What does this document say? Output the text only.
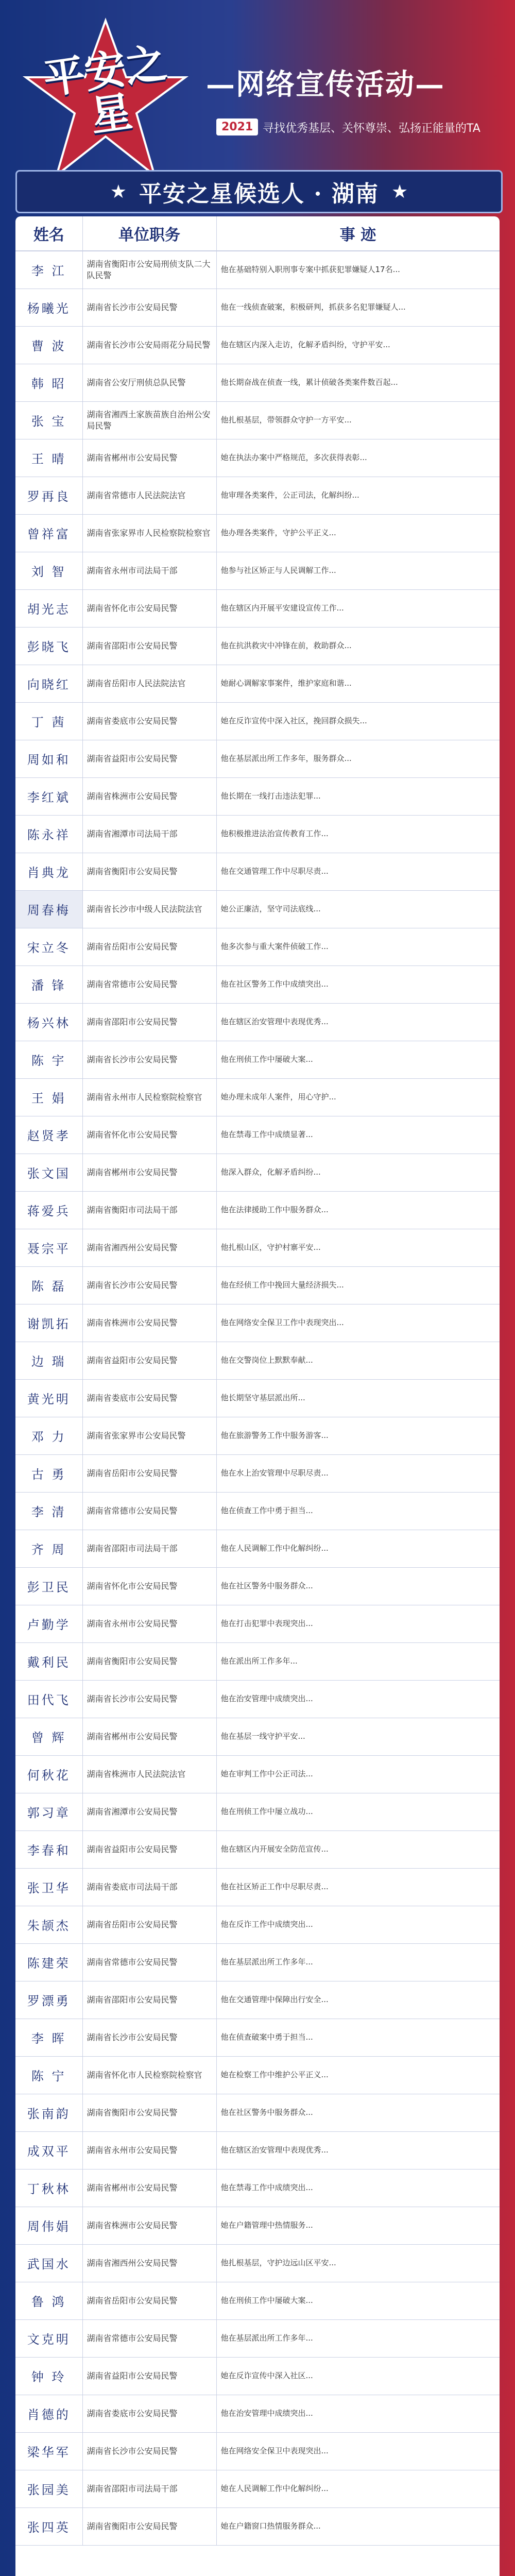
平安之星
—网络宣传活动—
2021 寻找优秀基层、关怀尊崇、弘扬正能量的TA
★ 平安之星候选人 · 湖南 ★
姓名	单位职务	事 迹
李 江	湖南省衡阳市公安局刑侦支队二大队民警	他在基础特别入职刑事专案中抓获犯罪嫌疑人17名...
杨曦光	湖南省长沙市公安局民警	他在一线侦查破案，积极研判，抓获多名犯罪嫌疑人...
曹 波	湖南省长沙市公安局雨花分局民警	他在辖区内深入走访，化解矛盾纠纷，守护平安...
韩 昭	湖南省公安厅刑侦总队民警	他长期奋战在侦查一线，累计侦破各类案件数百起...
张 宝	湖南省湘西土家族苗族自治州公安局民警	他扎根基层，带领群众守护一方平安...
王 晴	湖南省郴州市公安局民警	她在执法办案中严格规范，多次获得表彰...
罗再良	湖南省常德市人民法院法官	他审理各类案件，公正司法，化解纠纷...
曾祥富	湖南省张家界市人民检察院检察官	他办理各类案件，守护公平正义...
刘 智	湖南省永州市司法局干部	他参与社区矫正与人民调解工作...
胡光志	湖南省怀化市公安局民警	他在辖区内开展平安建设宣传工作...
彭晓飞	湖南省邵阳市公安局民警	他在抗洪救灾中冲锋在前，救助群众...
向晓红	湖南省岳阳市人民法院法官	她耐心调解家事案件，维护家庭和谐...
丁 茜	湖南省娄底市公安局民警	她在反诈宣传中深入社区，挽回群众损失...
周如和	湖南省益阳市公安局民警	他在基层派出所工作多年，服务群众...
李红斌	湖南省株洲市公安局民警	他长期在一线打击违法犯罪...
陈永祥	湖南省湘潭市司法局干部	他积极推进法治宣传教育工作...
肖典龙	湖南省衡阳市公安局民警	他在交通管理工作中尽职尽责...
周春梅	湖南省长沙市中级人民法院法官	她公正廉洁，坚守司法底线...
宋立冬	湖南省岳阳市公安局民警	他多次参与重大案件侦破工作...
潘 锋	湖南省常德市公安局民警	他在社区警务工作中成绩突出...
杨兴林	湖南省邵阳市公安局民警	他在辖区治安管理中表现优秀...
陈 宇	湖南省长沙市公安局民警	他在刑侦工作中屡破大案...
王 娟	湖南省永州市人民检察院检察官	她办理未成年人案件，用心守护...
赵贤孝	湖南省怀化市公安局民警	他在禁毒工作中成绩显著...
张文国	湖南省郴州市公安局民警	他深入群众，化解矛盾纠纷...
蒋爱兵	湖南省衡阳市司法局干部	他在法律援助工作中服务群众...
聂宗平	湖南省湘西州公安局民警	他扎根山区，守护村寨平安...
陈 磊	湖南省长沙市公安局民警	他在经侦工作中挽回大量经济损失...
谢凯拓	湖南省株洲市公安局民警	他在网络安全保卫工作中表现突出...
边 瑞	湖南省益阳市公安局民警	他在交警岗位上默默奉献...
黄光明	湖南省娄底市公安局民警	他长期坚守基层派出所...
邓 力	湖南省张家界市公安局民警	他在旅游警务工作中服务游客...
古 勇	湖南省岳阳市公安局民警	他在水上治安管理中尽职尽责...
李 清	湖南省常德市公安局民警	他在侦查工作中勇于担当...
齐 周	湖南省邵阳市司法局干部	他在人民调解工作中化解纠纷...
彭卫民	湖南省怀化市公安局民警	他在社区警务中服务群众...
卢勤学	湖南省永州市公安局民警	他在打击犯罪中表现突出...
戴利民	湖南省衡阳市公安局民警	他在派出所工作多年...
田代飞	湖南省长沙市公安局民警	他在治安管理中成绩突出...
曾 辉	湖南省郴州市公安局民警	他在基层一线守护平安...
何秋花	湖南省株洲市人民法院法官	她在审判工作中公正司法...
郭习章	湖南省湘潭市公安局民警	他在刑侦工作中屡立战功...
李春和	湖南省益阳市公安局民警	他在辖区内开展安全防范宣传...
张卫华	湖南省娄底市司法局干部	他在社区矫正工作中尽职尽责...
朱颉杰	湖南省岳阳市公安局民警	他在反诈工作中成绩突出...
陈建荣	湖南省常德市公安局民警	他在基层派出所工作多年...
罗漂勇	湖南省邵阳市公安局民警	他在交通管理中保障出行安全...
李 晖	湖南省长沙市公安局民警	他在侦查破案中勇于担当...
陈 宁	湖南省怀化市人民检察院检察官	她在检察工作中维护公平正义...
张南韵	湖南省衡阳市公安局民警	他在社区警务中服务群众...
成双平	湖南省永州市公安局民警	他在辖区治安管理中表现优秀...
丁秋林	湖南省郴州市公安局民警	他在禁毒工作中成绩突出...
周伟娟	湖南省株洲市公安局民警	她在户籍管理中热情服务...
武国水	湖南省湘西州公安局民警	他扎根基层，守护边远山区平安...
鲁 鸿	湖南省岳阳市公安局民警	他在刑侦工作中屡破大案...
文克明	湖南省常德市公安局民警	他在基层派出所工作多年...
钟 玲	湖南省益阳市公安局民警	她在反诈宣传中深入社区...
肖德的	湖南省娄底市公安局民警	他在治安管理中成绩突出...
梁华军	湖南省长沙市公安局民警	他在网络安全保卫中表现突出...
张园美	湖南省邵阳市司法局干部	她在人民调解工作中化解纠纷...
张四英	湖南省衡阳市公安局民警	她在户籍窗口热情服务群众...
